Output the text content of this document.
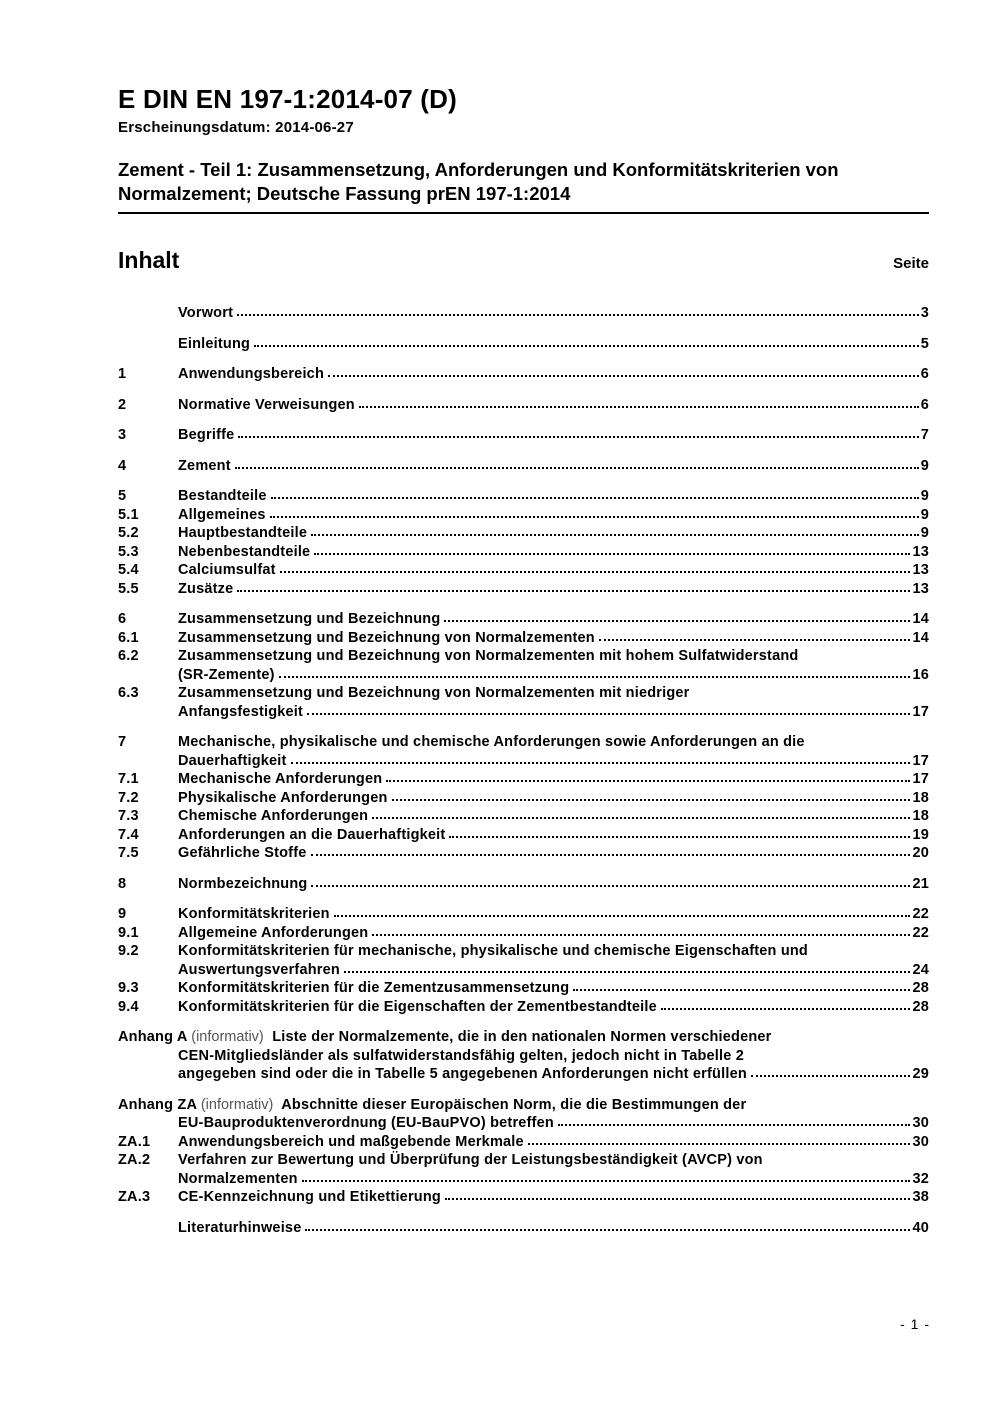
E DIN EN 197-1:2014-07 (D)
Erscheinungsdatum: 2014-06-27
Zement - Teil 1: Zusammensetzung, Anforderungen und Konformitätskriterien von Normalzement; Deutsche Fassung prEN 197-1:2014
Inhalt	Seite
Vorwort	3
Einleitung	5
1	Anwendungsbereich	6
2	Normative Verweisungen	6
3	Begriffe	7
4	Zement	9
5	Bestandteile	9
5.1	Allgemeines	9
5.2	Hauptbestandteile	9
5.3	Nebenbestandteile	13
5.4	Calciumsulfat	13
5.5	Zusätze	13
6	Zusammensetzung und Bezeichnung	14
6.1	Zusammensetzung und Bezeichnung von Normalzementen	14
6.2	Zusammensetzung und Bezeichnung von Normalzementen mit hohem Sulfatwiderstand
(SR-Zemente)	16
6.3	Zusammensetzung und Bezeichnung von Normalzementen mit niedriger
Anfangsfestigkeit	17
7	Mechanische, physikalische und chemische Anforderungen sowie Anforderungen an die
Dauerhaftigkeit	17
7.1	Mechanische Anforderungen	17
7.2	Physikalische Anforderungen	18
7.3	Chemische Anforderungen	18
7.4	Anforderungen an die Dauerhaftigkeit	19
7.5	Gefährliche Stoffe	20
8	Normbezeichnung	21
9	Konformitätskriterien	22
9.1	Allgemeine Anforderungen	22
9.2	Konformitätskriterien für mechanische, physikalische und chemische Eigenschaften und
Auswertungsverfahren	24
9.3	Konformitätskriterien für die Zementzusammensetzung	28
9.4	Konformitätskriterien für die Eigenschaften der Zementbestandteile	28
Anhang A (informativ)  Liste der Normalzemente, die in den nationalen Normen verschiedener
CEN-Mitgliedsländer als sulfatwiderstandsfähig gelten, jedoch nicht in Tabelle 2
angegeben sind oder die in Tabelle 5 angegebenen Anforderungen nicht erfüllen	29
Anhang ZA (informativ)  Abschnitte dieser Europäischen Norm, die die Bestimmungen der
EU-Bauproduktenverordnung (EU-BauPVO) betreffen	30
ZA.1 Anwendungsbereich und maßgebende Merkmale	30
ZA.2 Verfahren zur Bewertung und Überprüfung der Leistungsbeständigkeit (AVCP) von
Normalzementen	32
ZA.3 CE-Kennzeichnung und Etikettierung	38
Literaturhinweise	40
- 1 -
